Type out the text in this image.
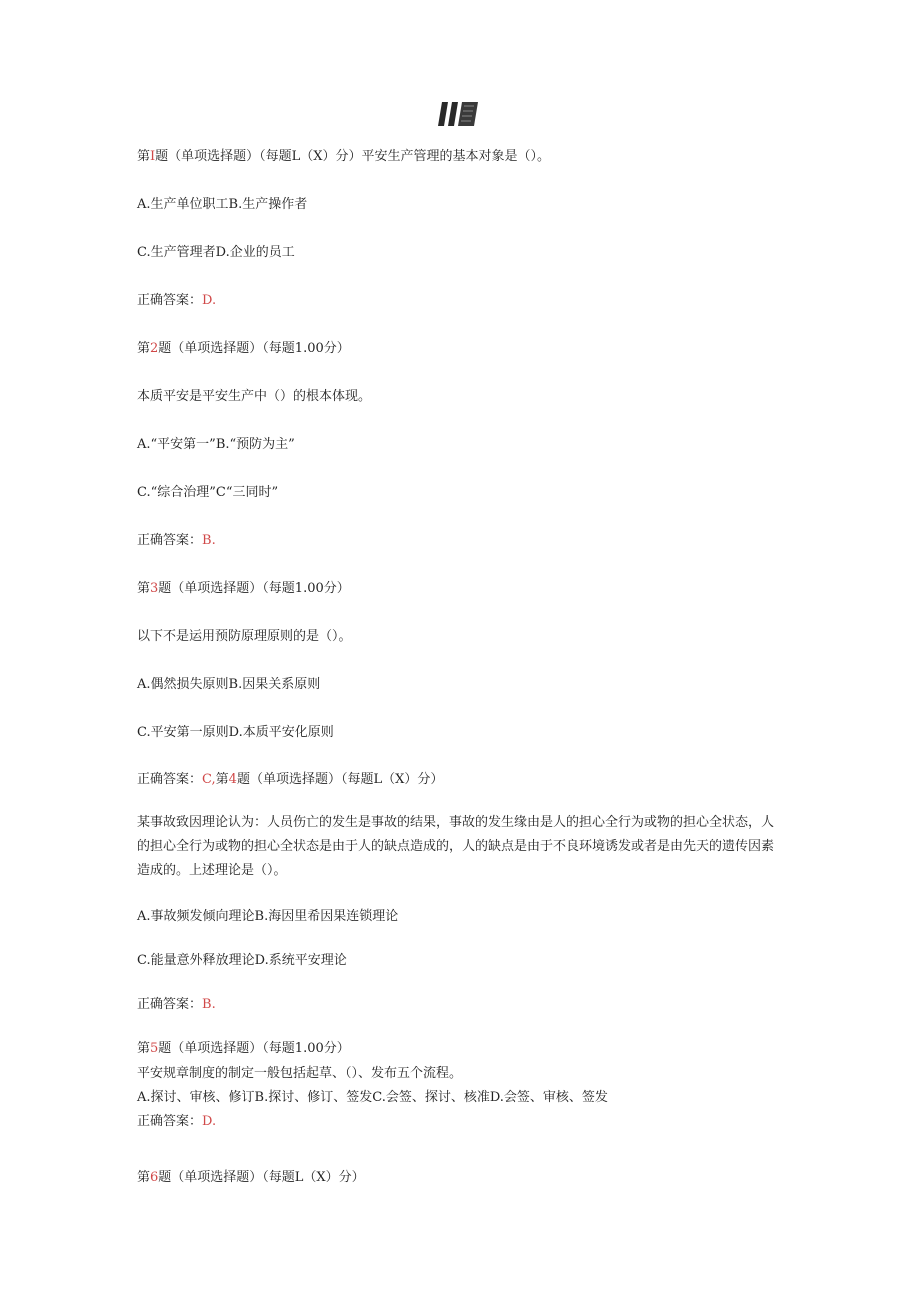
第I题（单项选择题）（每题L（X）分）平安生产管理的基本对象是（）。
A.生产单位职工B.生产操作者
C.生产管理者D.企业的员工
正确答案：D.
第2题（单项选择题）（每题1.00分）
本质平安是平安生产中（）的根本体现。
A.“平安第一”B.“预防为主”
C.“综合治理”C“三同时”
正确答案：B.
第3题（单项选择题）（每题1.00分）
以下不是运用预防原理原则的是（）。
A.偶然损失原则B.因果关系原则
C.平安第一原则D.本质平安化原则
正确答案：C,第4题（单项选择题）（每题L（X）分）
某事故致因理论认为：人员伤亡的发生是事故的结果，事故的发生缘由是人的担心全行为或物的担心全状态，人的担心全行为或物的担心全状态是由于人的缺点造成的，人的缺点是由于不良环境诱发或者是由先天的遗传因素造成的。上述理论是（）。
A.事故频发倾向理论B.海因里希因果连锁理论
C.能量意外释放理论D.系统平安理论
正确答案：B.
第5题（单项选择题）（每题1.00分）
平安规章制度的制定一般包括起草、（）、发布五个流程。
A.探讨、审核、修订B.探讨、修订、签发C.会签、探讨、核准D.会签、审核、签发
正确答案：D.
第6题（单项选择题）（每题L（X）分）
